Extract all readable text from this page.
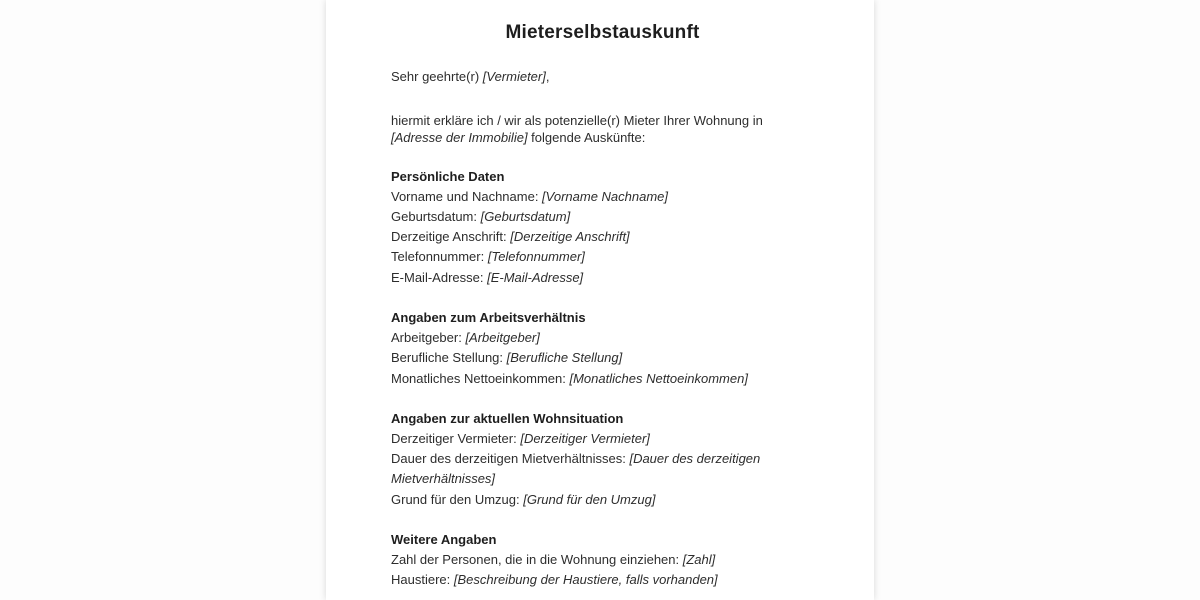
Mieterselbstauskunft

Sehr geehrte(r) [Vermieter],

hiermit erkläre ich / wir als potenzielle(r) Mieter Ihrer Wohnung in [Adresse der Immobilie] folgende Auskünfte:

Persönliche Daten

Vorname und Nachname: [Vorname Nachname]

Geburtsdatum: [Geburtsdatum]

Derzeitige Anschrift: [Derzeitige Anschrift]

Telefonnummer: [Telefonnummer]

E-Mail-Adresse: [E-Mail-Adresse]

Angaben zum Arbeitsverhältnis

Arbeitgeber: [Arbeitgeber]

Berufliche Stellung: [Berufliche Stellung]

Monatliches Nettoeinkommen: [Monatliches Nettoeinkommen]

Angaben zur aktuellen Wohnsituation

Derzeitiger Vermieter: [Derzeitiger Vermieter]

Dauer des derzeitigen Mietverhältnisses: [Dauer des derzeitigen Mietverhältnisses]

Grund für den Umzug: [Grund für den Umzug]

Weitere Angaben

Zahl der Personen, die in die Wohnung einziehen: [Zahl]

Haustiere: [Beschreibung der Haustiere, falls vorhanden]
